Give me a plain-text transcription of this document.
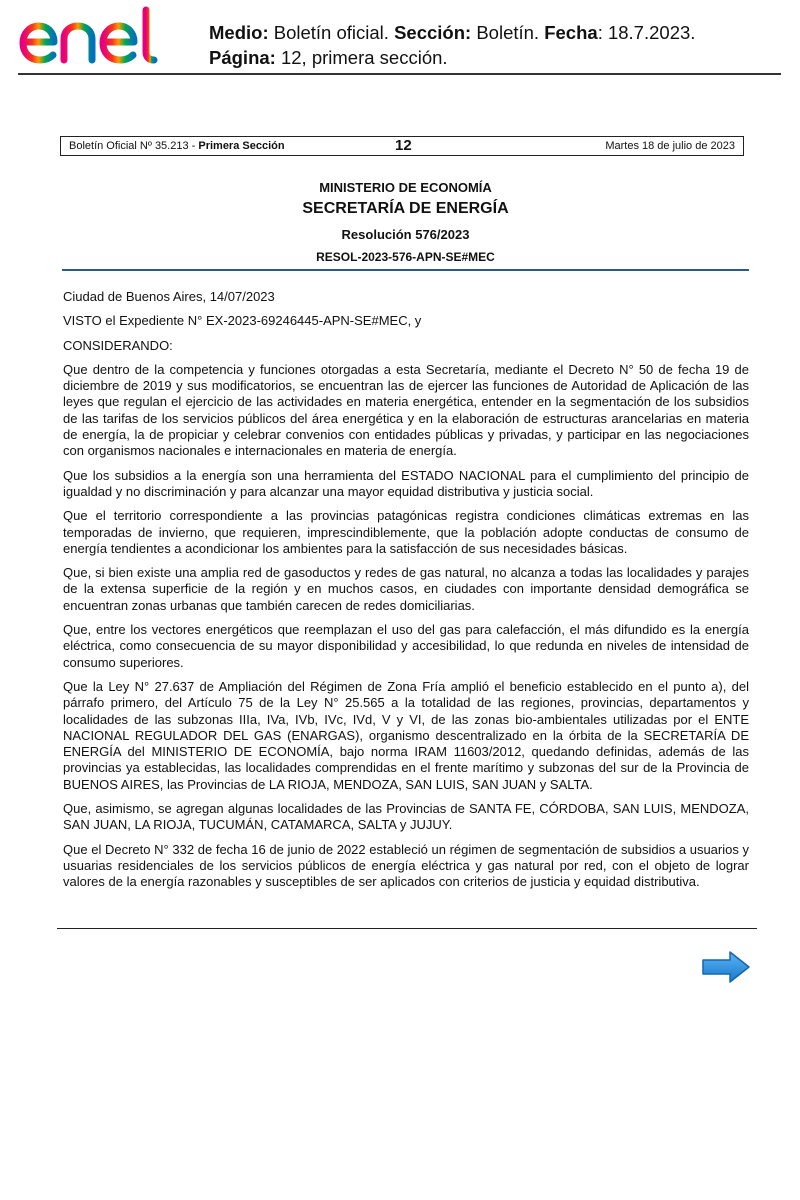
Medio: Boletín oficial. Sección: Boletín. Fecha: 18.7.2023.
Página: 12, primera sección.
Boletín Oficial Nº 35.213 - Primera Sección	12	Martes 18 de julio de 2023
MINISTERIO DE ECONOMÍA
SECRETARÍA DE ENERGÍA
Resolución 576/2023
RESOL-2023-576-APN-SE#MEC

Ciudad de Buenos Aires, 14/07/2023

VISTO el Expediente N° EX-2023-69246445-APN-SE#MEC, y

CONSIDERANDO:

Que dentro de la competencia y funciones otorgadas a esta Secretaría, mediante el Decreto N° 50 de fecha 19 de diciembre de 2019 y sus modificatorios, se encuentran las de ejercer las funciones de Autoridad de Aplicación de las leyes que regulan el ejercicio de las actividades en materia energética, entender en la segmentación de los subsidios de las tarifas de los servicios públicos del área energética y en la elaboración de estructuras arancelarias en materia de energía, la de propiciar y celebrar convenios con entidades públicas y privadas, y participar en las negociaciones con organismos nacionales e internacionales en materia de energía.

Que los subsidios a la energía son una herramienta del ESTADO NACIONAL para el cumplimiento del principio de igualdad y no discriminación y para alcanzar una mayor equidad distributiva y justicia social.

Que el territorio correspondiente a las provincias patagónicas registra condiciones climáticas extremas en las temporadas de invierno, que requieren, imprescindiblemente, que la población adopte conductas de consumo de energía tendientes a acondicionar los ambientes para la satisfacción de sus necesidades básicas.

Que, si bien existe una amplia red de gasoductos y redes de gas natural, no alcanza a todas las localidades y parajes de la extensa superficie de la región y en muchos casos, en ciudades con importante densidad demográfica se encuentran zonas urbanas que también carecen de redes domiciliarias.

Que, entre los vectores energéticos que reemplazan el uso del gas para calefacción, el más difundido es la energía eléctrica, como consecuencia de su mayor disponibilidad y accesibilidad, lo que redunda en niveles de intensidad de consumo superiores.

Que la Ley N° 27.637 de Ampliación del Régimen de Zona Fría amplió el beneficio establecido en el punto a), del párrafo primero, del Artículo 75 de la Ley N° 25.565 a la totalidad de las regiones, provincias, departamentos y localidades de las subzonas IIIa, IVa, IVb, IVc, IVd, V y VI, de las zonas bio-ambientales utilizadas por el ENTE NACIONAL REGULADOR DEL GAS (ENARGAS), organismo descentralizado en la órbita de la SECRETARÍA DE ENERGÍA del MINISTERIO DE ECONOMÍA, bajo norma IRAM 11603/2012, quedando definidas, además de las provincias ya establecidas, las localidades comprendidas en el frente marítimo y subzonas del sur de la Provincia de BUENOS AIRES, las Provincias de LA RIOJA, MENDOZA, SAN LUIS, SAN JUAN y SALTA.

Que, asimismo, se agregan algunas localidades de las Provincias de SANTA FE, CÓRDOBA, SAN LUIS, MENDOZA, SAN JUAN, LA RIOJA, TUCUMÁN, CATAMARCA, SALTA y JUJUY.

Que el Decreto N° 332 de fecha 16 de junio de 2022 estableció un régimen de segmentación de subsidios a usuarios y usuarias residenciales de los servicios públicos de energía eléctrica y gas natural por red, con el objeto de lograr valores de la energía razonables y susceptibles de ser aplicados con criterios de justicia y equidad distributiva.
